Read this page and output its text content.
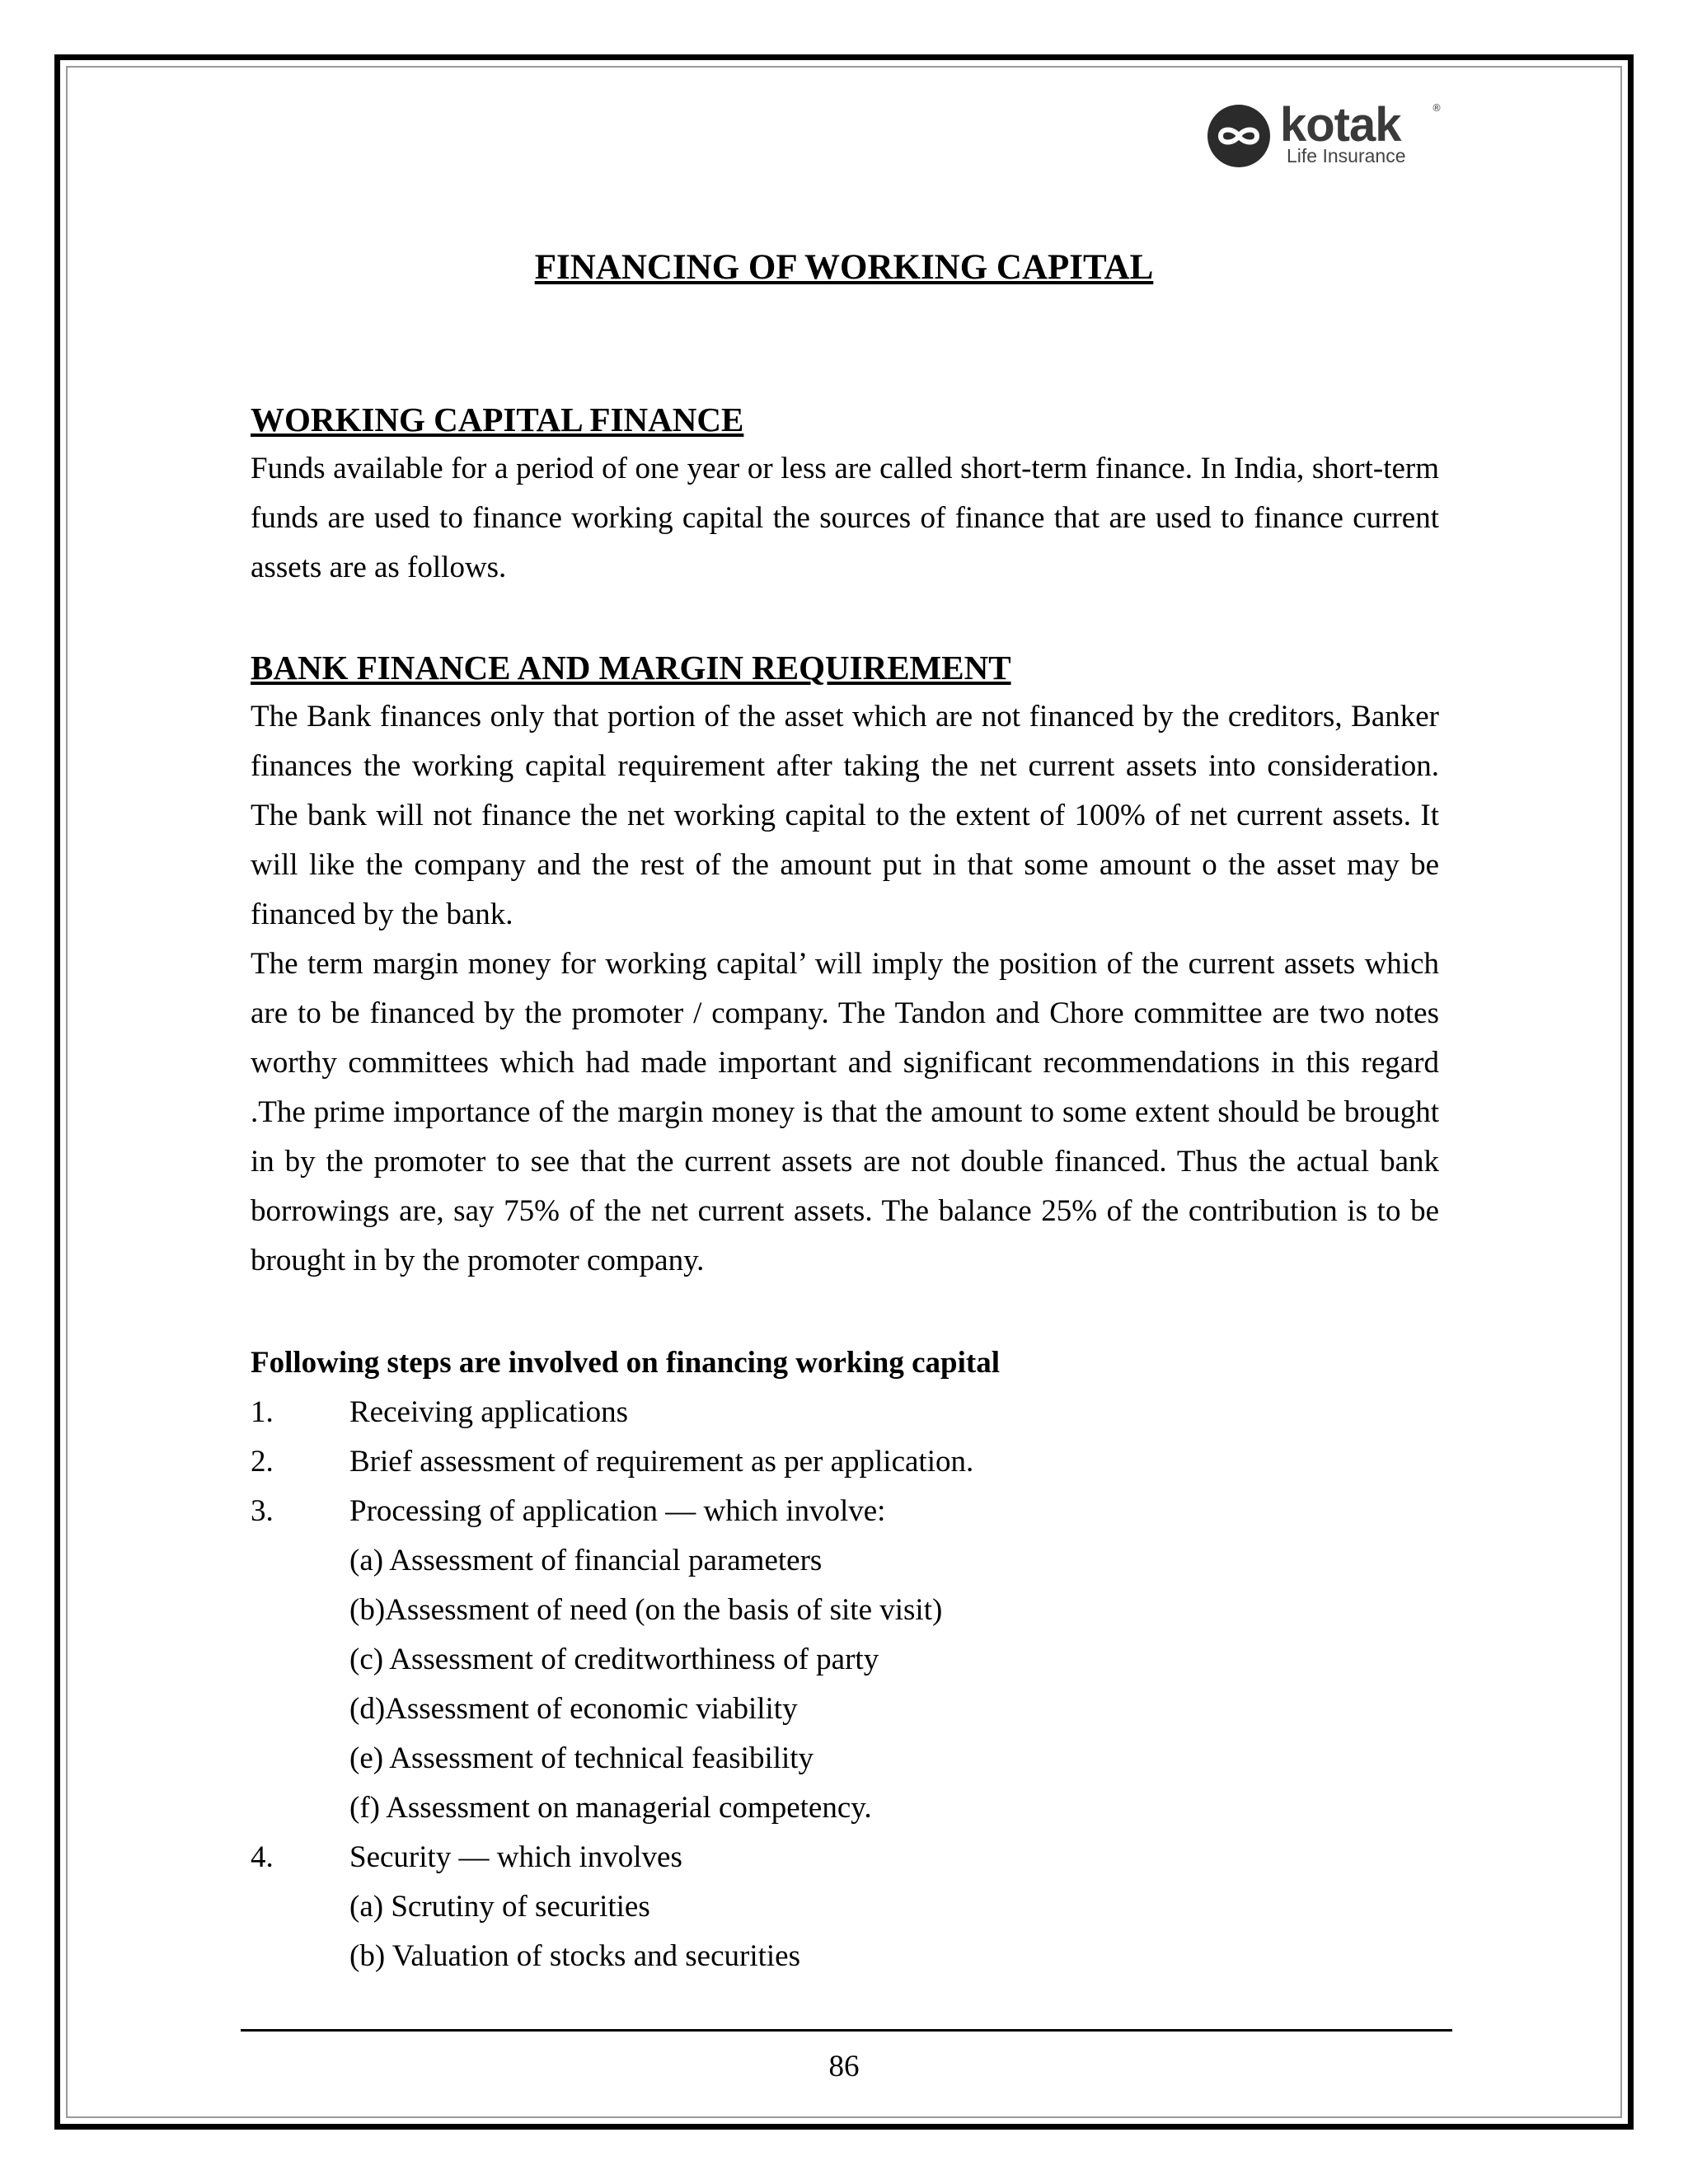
kotak	®
Life Insurance
FINANCING OF WORKING CAPITAL
WORKING CAPITAL FINANCE

Funds available for a period of one year or less are called short-term finance. In India, short-term funds are used to finance working capital the sources of finance that are used to finance current assets are as follows.

BANK FINANCE AND MARGIN REQUIREMENT

The Bank finances only that portion of the asset which are not financed by the creditors, Banker finances the working capital requirement after taking the net current assets into consideration. The bank will not finance the net working capital to the extent of 100% of net current assets. It will like the company and the rest of the amount put in that some amount o the asset may be financed by the bank.

The term margin money for working capital’ will imply the position of the current assets which are to be financed by the promoter / company. The Tandon and Chore committee are two notes worthy committees which had made important and significant recommendations in this regard .The prime importance of the margin money is that the amount to some extent should be brought in by the promoter to see that the current assets are not double financed. Thus the actual bank borrowings are, say 75% of the net current assets. The balance 25% of the contribution is to be brought in by the promoter company.

Following steps are involved on financing working capital
1. Receiving applications
2. Brief assessment of requirement as per application.
3. Processing of application — which involve:
(a) Assessment of financial parameters
(b)Assessment of need (on the basis of site visit)
(c) Assessment of creditworthiness of party
(d)Assessment of economic viability
(e) Assessment of technical feasibility
(f) Assessment on managerial competency.
4. Security — which involves
(a) Scrutiny of securities
(b) Valuation of stocks and securities
86
